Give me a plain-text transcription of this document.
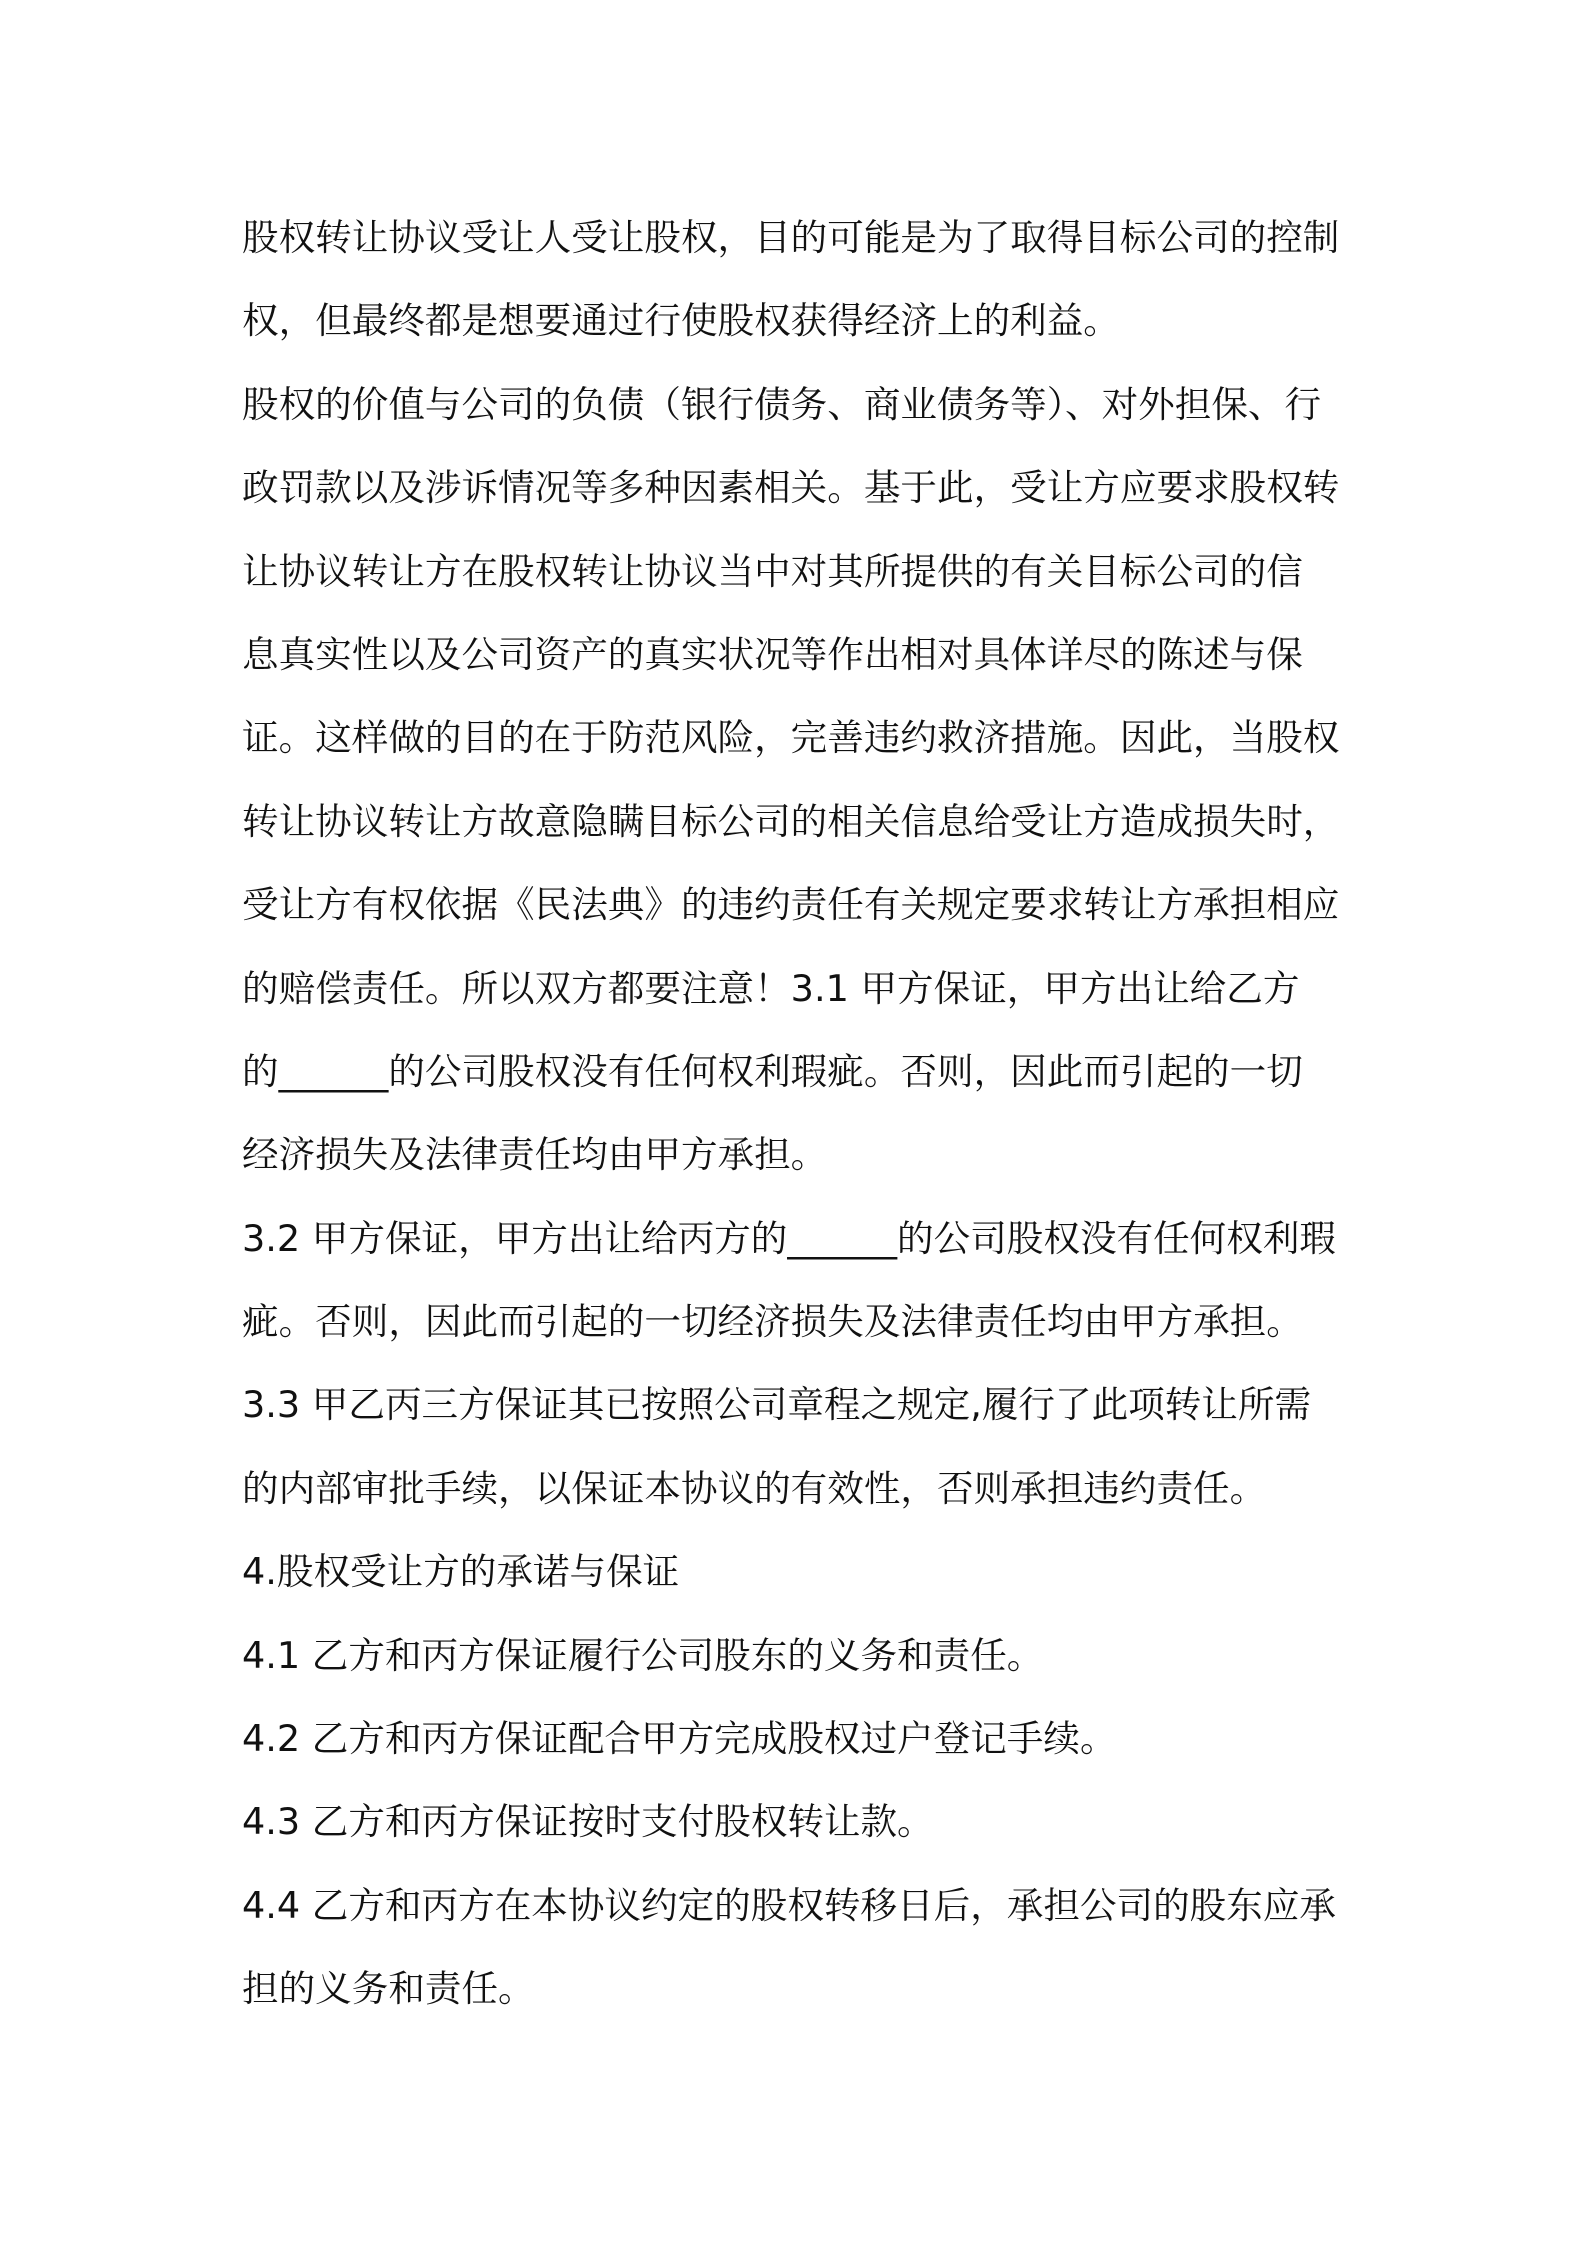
股权转让协议受让人受让股权，目的可能是为了取得目标公司的控制
权，但最终都是想要通过行使股权获得经济上的利益。
股权的价值与公司的负债（银行债务、商业债务等）、对外担保、行
政罚款以及涉诉情况等多种因素相关。基于此，受让方应要求股权转
让协议转让方在股权转让协议当中对其所提供的有关目标公司的信
息真实性以及公司资产的真实状况等作出相对具体详尽的陈述与保
证。这样做的目的在于防范风险，完善违约救济措施。因此，当股权
转让协议转让方故意隐瞒目标公司的相关信息给受让方造成损失时，
受让方有权依据《民法典》的违约责任有关规定要求转让方承担相应
的赔偿责任。所以双方都要注意！3.1 甲方保证，甲方出让给乙方
的______的公司股权没有任何权利瑕疵。否则，因此而引起的一切
经济损失及法律责任均由甲方承担。
3.2 甲方保证，甲方出让给丙方的______的公司股权没有任何权利瑕
疵。否则，因此而引起的一切经济损失及法律责任均由甲方承担。
3.3 甲乙丙三方保证其已按照公司章程之规定,履行了此项转让所需
的内部审批手续，以保证本协议的有效性，否则承担违约责任。
4.股权受让方的承诺与保证
4.1 乙方和丙方保证履行公司股东的义务和责任。
4.2 乙方和丙方保证配合甲方完成股权过户登记手续。
4.3 乙方和丙方保证按时支付股权转让款。
4.4 乙方和丙方在本协议约定的股权转移日后，承担公司的股东应承
担的义务和责任。
